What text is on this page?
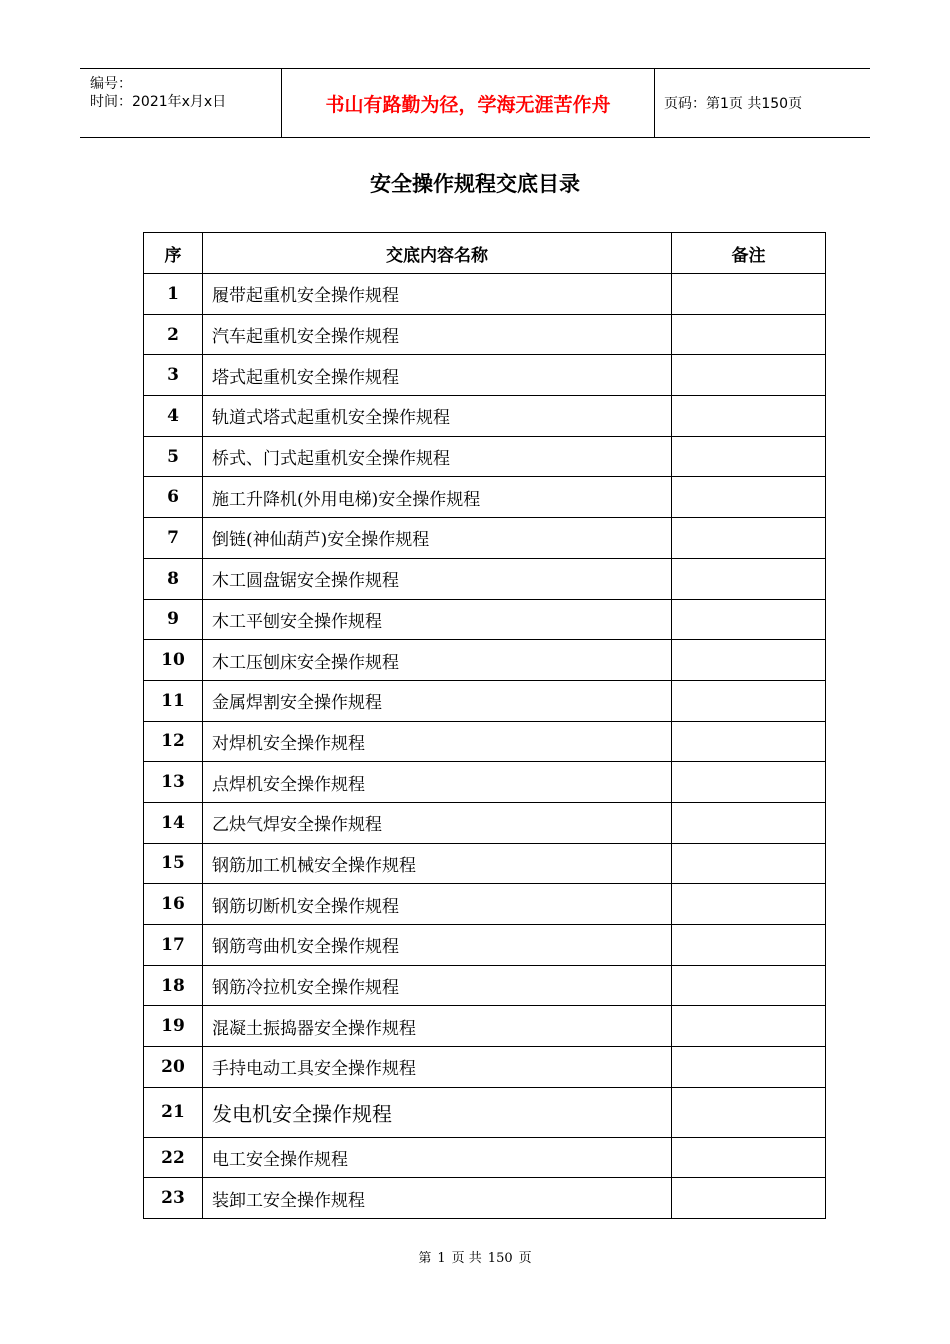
编号：
时间：2021年x月x日	书山有路勤为径，学海无涯苦作舟	页码：第1页 共150页
安全操作规程交底目录
序	交底内容名称	备注
1	履带起重机安全操作规程	
2	汽车起重机安全操作规程	
3	塔式起重机安全操作规程	
4	轨道式塔式起重机安全操作规程	
5	桥式、门式起重机安全操作规程	
6	施工升降机(外用电梯)安全操作规程	
7	倒链(神仙葫芦)安全操作规程	
8	木工圆盘锯安全操作规程	
9	木工平刨安全操作规程	
10	木工压刨床安全操作规程	
11	金属焊割安全操作规程	
12	对焊机安全操作规程	
13	点焊机安全操作规程	
14	乙炔气焊安全操作规程	
15	钢筋加工机械安全操作规程	
16	钢筋切断机安全操作规程	
17	钢筋弯曲机安全操作规程	
18	钢筋冷拉机安全操作规程	
19	混凝土振捣器安全操作规程	
20	手持电动工具安全操作规程	
21	发电机安全操作规程	
22	电工安全操作规程	
23	装卸工安全操作规程	
第 1 页 共 150 页
